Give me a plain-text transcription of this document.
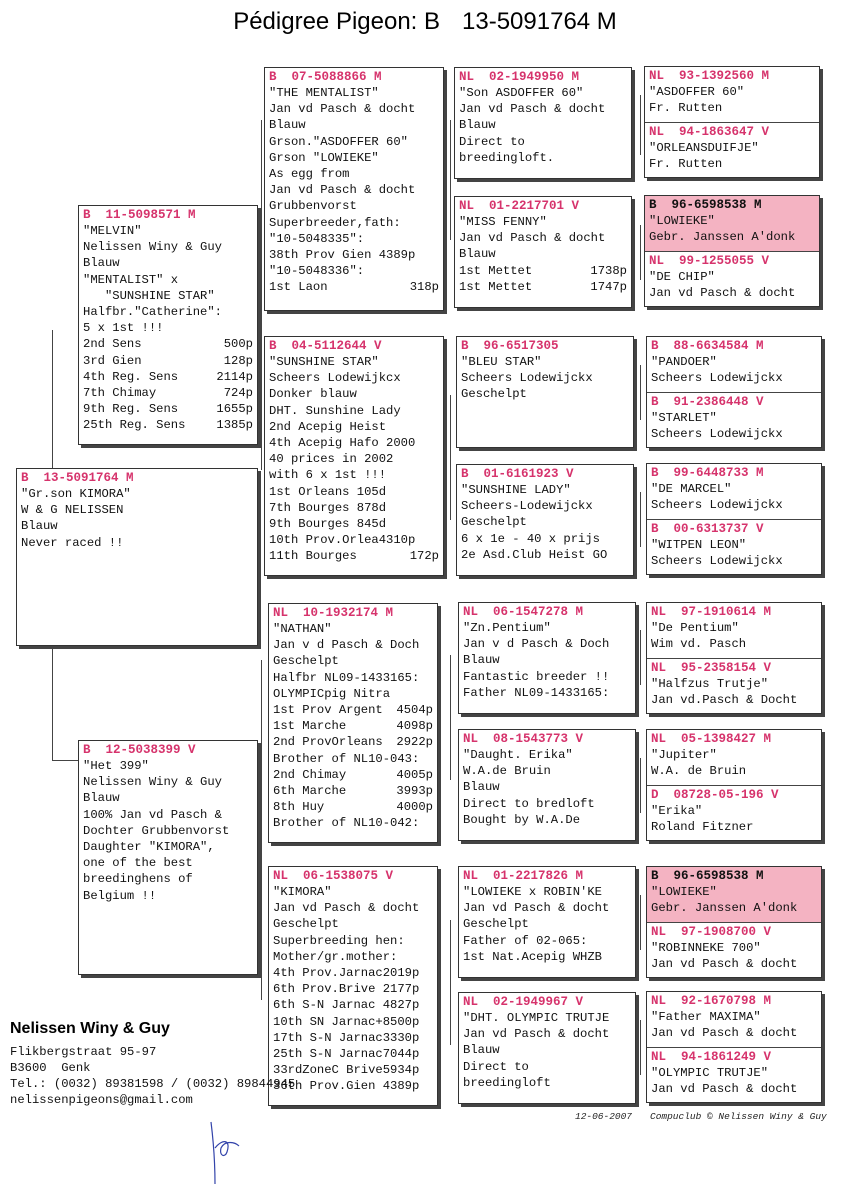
Pédigree Pigeon: B 13-5091764 M
B  13-5091764 M
"Gr.son KIMORA"
W & G NELISSEN
Blauw
Never raced !!
B  11-5098571 M
"MELVIN"
Nelissen Winy & Guy
Blauw
"MENTALIST" x
"SUNSHINE STAR"
Halfbr."Catherine":
5 x 1st !!!
2nd Sens	500p
3rd Gien	128p
4th Reg. Sens	2114p
7th Chimay	724p
9th Reg. Sens	1655p
25th Reg. Sens	1385p
B  12-5038399 V
"Het 399"
Nelissen Winy & Guy
Blauw
100% Jan vd Pasch &
Dochter Grubbenvorst
Daughter "KIMORA",
one of the best
breedinghens of
Belgium !!
B  07-5088866 M
"THE MENTALIST"
Jan vd Pasch & docht
Blauw
Grson."ASDOFFER 60"
Grson "LOWIEKE"
As egg from
Jan vd Pasch & docht
Grubbenvorst
Superbreeder,fath:
"10-5048335":
38th Prov Gien 4389p
"10-5048336":
1st Laon	318p
B  04-5112644 V
"SUNSHINE STAR"
Scheers Lodewijkcx
Donker blauw
DHT. Sunshine Lady
2nd Acepig Heist
4th Acepig Hafo 2000
40 prices in 2002
with 6 x 1st !!!
1st Orleans 105d
7th Bourges 878d
9th Bourges 845d
10th Prov.Orlea4310p
11th Bourges	172p
NL  10-1932174 M
"NATHAN"
Jan v d Pasch & Doch
Geschelpt
Halfbr NL09-1433165:
OLYMPICpig Nitra
1st Prov Argent 4504p
1st Marche	4098p
2nd ProvOrleans 2922p
Brother of NL10-043:
2nd Chimay	4005p
6th Marche	3993p
8th Huy	4000p
Brother of NL10-042:
NL  06-1538075 V
"KIMORA"
Jan vd Pasch & docht
Geschelpt
Superbreeding hen:
Mother/gr.mother:
4th Prov.Jarnac2019p
6th Prov.Brive 2177p
6th S-N Jarnac 4827p
10th SN Jarnac+8500p
17th S-N Jarnac3330p
25th S-N Jarnac7044p
33rdZoneC Brive5934p
36th Prov.Gien 4389p
NL  02-1949950 M
"Son ASDOFFER 60"
Jan vd Pasch & docht
Blauw
Direct to
breedingloft.
NL  01-2217701 V
"MISS FENNY"
Jan vd Pasch & docht
Blauw
1st Mettet	1738p
1st Mettet	1747p
B  96-6517305
"BLEU STAR"
Scheers Lodewijckx
Geschelpt
B  01-6161923 V
"SUNSHINE LADY"
Scheers-Lodewijckx
Geschelpt
6 x 1e - 40 x prijs
2e Asd.Club Heist GO
NL  06-1547278 M
"Zn.Pentium"
Jan v d Pasch & Doch
Blauw
Fantastic breeder !!
Father NL09-1433165:
NL  08-1543773 V
"Daught. Erika"
W.A.de Bruin
Blauw
Direct to bredloft
Bought by W.A.De
NL  01-2217826 M
"LOWIEKE x ROBIN'KE
Jan vd Pasch & docht
Geschelpt
Father of 02-065:
1st Nat.Acepig WHZB
NL  02-1949967 V
"DHT. OLYMPIC TRUTJE
Jan vd Pasch & docht
Blauw
Direct to
breedingloft
NL  93-1392560 M
"ASDOFFER 60"
Fr. Rutten
NL  94-1863647 V
"ORLEANSDUIFJE"
Fr. Rutten
B  96-6598538 M
"LOWIEKE"
Gebr. Janssen A'donk
NL  99-1255055 V
"DE CHIP"
Jan vd Pasch & docht
B  88-6634584 M
"PANDOER"
Scheers Lodewijckx
B  91-2386448 V
"STARLET"
Scheers Lodewijckx
B  99-6448733 M
"DE MARCEL"
Scheers Lodewijckx
B  00-6313737 V
"WITPEN LEON"
Scheers Lodewijckx
NL  97-1910614 M
"De Pentium"
Wim vd. Pasch
NL  95-2358154 V
"Halfzus Trutje"
Jan vd.Pasch & Docht
NL  05-1398427 M
"Jupiter"
W.A. de Bruin
D  08728-05-196 V
"Erika"
Roland Fitzner
B  96-6598538 M
"LOWIEKE"
Gebr. Janssen A'donk
NL  97-1908700 V
"ROBINNEKE 700"
Jan vd Pasch & docht
NL  92-1670798 M
"Father MAXIMA"
Jan vd Pasch & docht
NL  94-1861249 V
"OLYMPIC TRUTJE"
Jan vd Pasch & docht
Nelissen Winy & Guy
Flikbergstraat 95-97
B3600  Genk
Tel.: (0032) 89381598 / (0032) 89844945
nelissenpigeons@gmail.com
12-06-2007 Compuclub © Nelissen Winy & Guy
